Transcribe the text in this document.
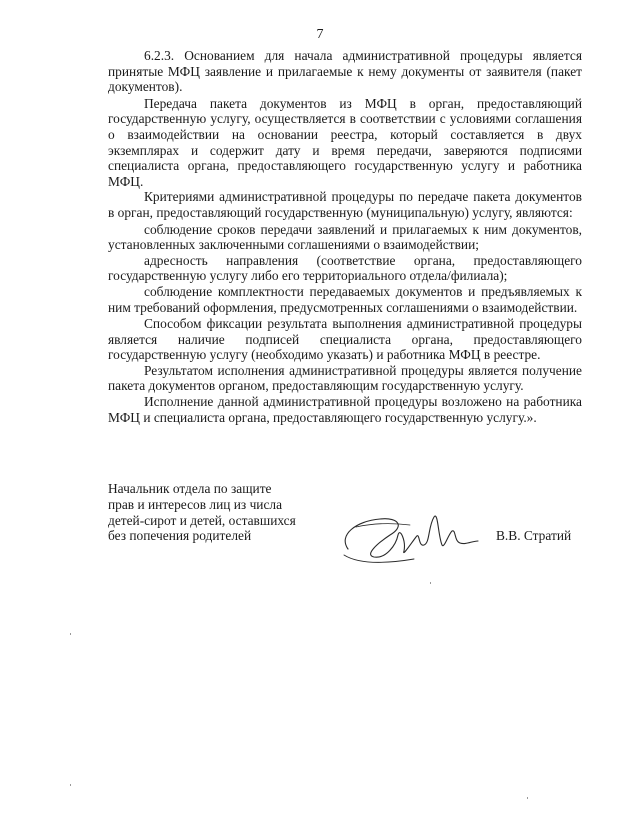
7

6.2.3. Основанием для начала административной процедуры является принятые МФЦ заявление и прилагаемые к нему документы от заявителя (пакет документов).

Передача пакета документов из МФЦ в орган, предоставляющий государственную услугу, осуществляется в соответствии с условиями соглашения о взаимодействии на основании реестра, который составляется в двух экземплярах и содержит дату и время передачи, заверяются подписями специалиста органа, предоставляющего государственную услугу и работника МФЦ.

Критериями административной процедуры по передаче пакета документов в орган, предоставляющий государственную (муниципальную) услугу, являются:

соблюдение сроков передачи заявлений и прилагаемых к ним документов, установленных заключенными соглашениями о взаимодействии;

адресность направления (соответствие органа, предоставляющего государственную услугу либо его территориального отдела/филиала);

соблюдение комплектности передаваемых документов и предъявляемых к ним требований оформления, предусмотренных соглашениями о взаимодействии.

Способом фиксации результата выполнения административной процедуры является наличие подписей специалиста органа, предоставляющего государственную услугу (необходимо указать) и работника МФЦ в реестре.

Результатом исполнения административной процедуры является получение пакета документов органом, предоставляющим государственную услугу.

Исполнение данной административной процедуры возложено на работника МФЦ и специалиста органа, предоставляющего государственную услугу.».

Начальник отдела по защите
прав и интересов лиц из числа
детей-сирот и детей, оставшихся
без попечения родителей	В.В. Стратий
